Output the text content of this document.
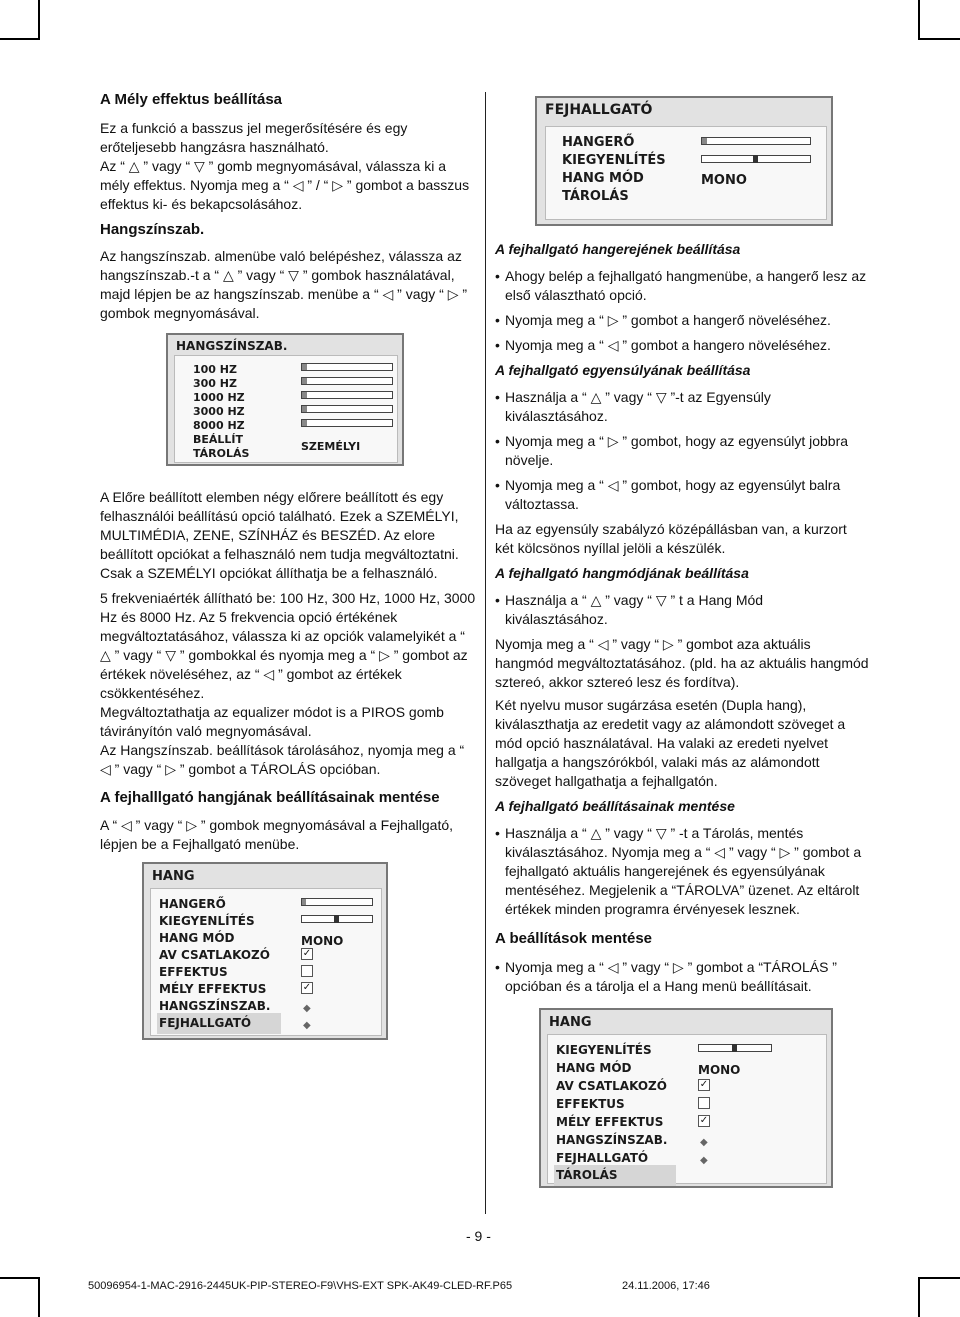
A Mély effektus beállítása

Ez a funkció a basszus jel megerősítésére és egy erőteljesebb hangzásra használható.

Az “ △ ” vagy “ ▽ ” gomb megnyomásával, válassza ki a mély effektus. Nyomja meg a “ ◁ ” / “ ▷ ” gombot a basszus effektus ki- és bekapcsolásához.

Hangszínszab.

Az hangszínszab. almenübe való belépéshez, válassza az hangszínszab.-t a “ △ ” vagy “ ▽ ” gombok használatával, majd lépjen be az hangszínszab. menübe a “ ◁ ” vagy “ ▷ ” gombok megnyomásával.

HANGSZÍNSZAB.
100 HZ
300 HZ
1000 HZ
3000 HZ
8000 HZ
BEÁLLÍT
TÁROLÁS
SZEMÉLYI

A Előre beállított elemben négy előrere beállított és egy felhasználói beállítású opció található. Ezek a SZEMÉLYI, MULTIMÉDIA, ZENE, SZÍNHÁZ és BESZÉD. Az elore beállított opciókat a felhasználó nem tudja megváltoztatni. Csak a SZEMÉLYI opciókat állíthatja be a felhasználó.

5 frekveniaérték állítható be: 100 Hz, 300 Hz, 1000 Hz, 3000 Hz és 8000 Hz. Az 5 frekvencia opció értékének megváltoztatásához, válassza ki az opciók valamelyikét a “ △ ” vagy “ ▽ ” gombokkal és nyomja meg a “ ▷ ” gombot az értékek növeléséhez, az “ ◁ ” gombot az értékek csökkentéséhez.

Megváltoztathatja az equalizer módot is a PIROS gomb távirányítón való megnyomásával.

Az Hangszínszab. beállítások tárolásához, nyomja meg a “ ◁ ” vagy “ ▷ ” gombot a TÁROLÁS opcióban.

A fejhalllgató hangjának beállításainak mentése

A “ ◁ ” vagy “ ▷ ” gombok megnyomásával a Fejhallgató, lépjen be a Fejhallgató menübe.

HANG
HANGERŐ
KIEGYENLÍTÉS
HANG MÓD
AV CSATLAKOZÓ
EFFEKTUS
MÉLY EFFEKTUS
HANGSZÍNSZAB.
FEJHALLGATÓ
MONO
✓
✓
◆
◆
FEJHALLGATÓ
HANGERŐ
KIEGYENLÍTÉS
HANG MÓD
TÁROLÁS
MONO
A fejhallgató hangerejének beállítása
• Ahogy belép a fejhallgató hangmenübe, a hangerő lesz az első választható opció.
• Nyomja meg a “ ▷ ” gombot a hangerő növeléséhez.
• Nyomja meg a “ ◁ ” gombot a hangero növeléséhez.
A fejhallgató egyensúlyának beállítása
• Használja a “ △ ” vagy “ ▽ ”-t az Egyensúly kiválasztásához.
• Nyomja meg a “ ▷ ” gombot, hogy az egyensúlyt jobbra növelje.
• Nyomja meg a “ ◁ ” gombot, hogy az egyensúlyt balra változtassa.

Ha az egyensúly szabályzó középállásban van, a kurzort két kölcsönos nyíllal jelöli a készülék.

A fejhallgató hangmódjának beállítása
• Használja a “ △ ” vagy “ ▽ ” t a Hang Mód kiválasztásához.

Nyomja meg a “ ◁ ” vagy “ ▷ ” gombot aza aktuális hangmód megváltoztatásához. (pld. ha az aktuális hangmód sztereó, akkor sztereó lesz és fordítva).

Két nyelvu musor sugárzása esetén (Dupla hang), kiválaszthatja az eredetit vagy az alámondott szöveget a mód opció használatával. Ha valaki az eredeti nyelvet hallgatja a hangszórókból, valaki más az alámondott szöveget hallgathatja a fejhallgatón.

A fejhallgató beállításainak mentése
• Használja a “ △ ” vagy “ ▽ ” -t a Tárolás, mentés kiválasztásához. Nyomja meg a “ ◁ ” vagy “ ▷ ” gombot a fejhallgató aktuális hangerejének és egyensúlyának mentéséhez. Megjelenik a “TÁROLVA” üzenet. Az eltárolt értékek minden programra érvényesek lesznek.
A beállítások mentése
• Nyomja meg a “ ◁ ” vagy “ ▷ ” gombot a “TÁROLÁS ” opcióban és a tárolja el a Hang menü beállításait.
HANG
KIEGYENLÍTÉS
HANG MÓD
AV CSATLAKOZÓ
EFFEKTUS
MÉLY EFFEKTUS
HANGSZÍNSZAB.
FEJHALLGATÓ
TÁROLÁS
MONO
✓
✓
◆
◆
- 9 -
50096954-1-MAC-2916-2445UK-PIP-STEREO-F9\VHS-EXT SPK-AK49-CLED-RF.P65	24.11.2006, 17:46
